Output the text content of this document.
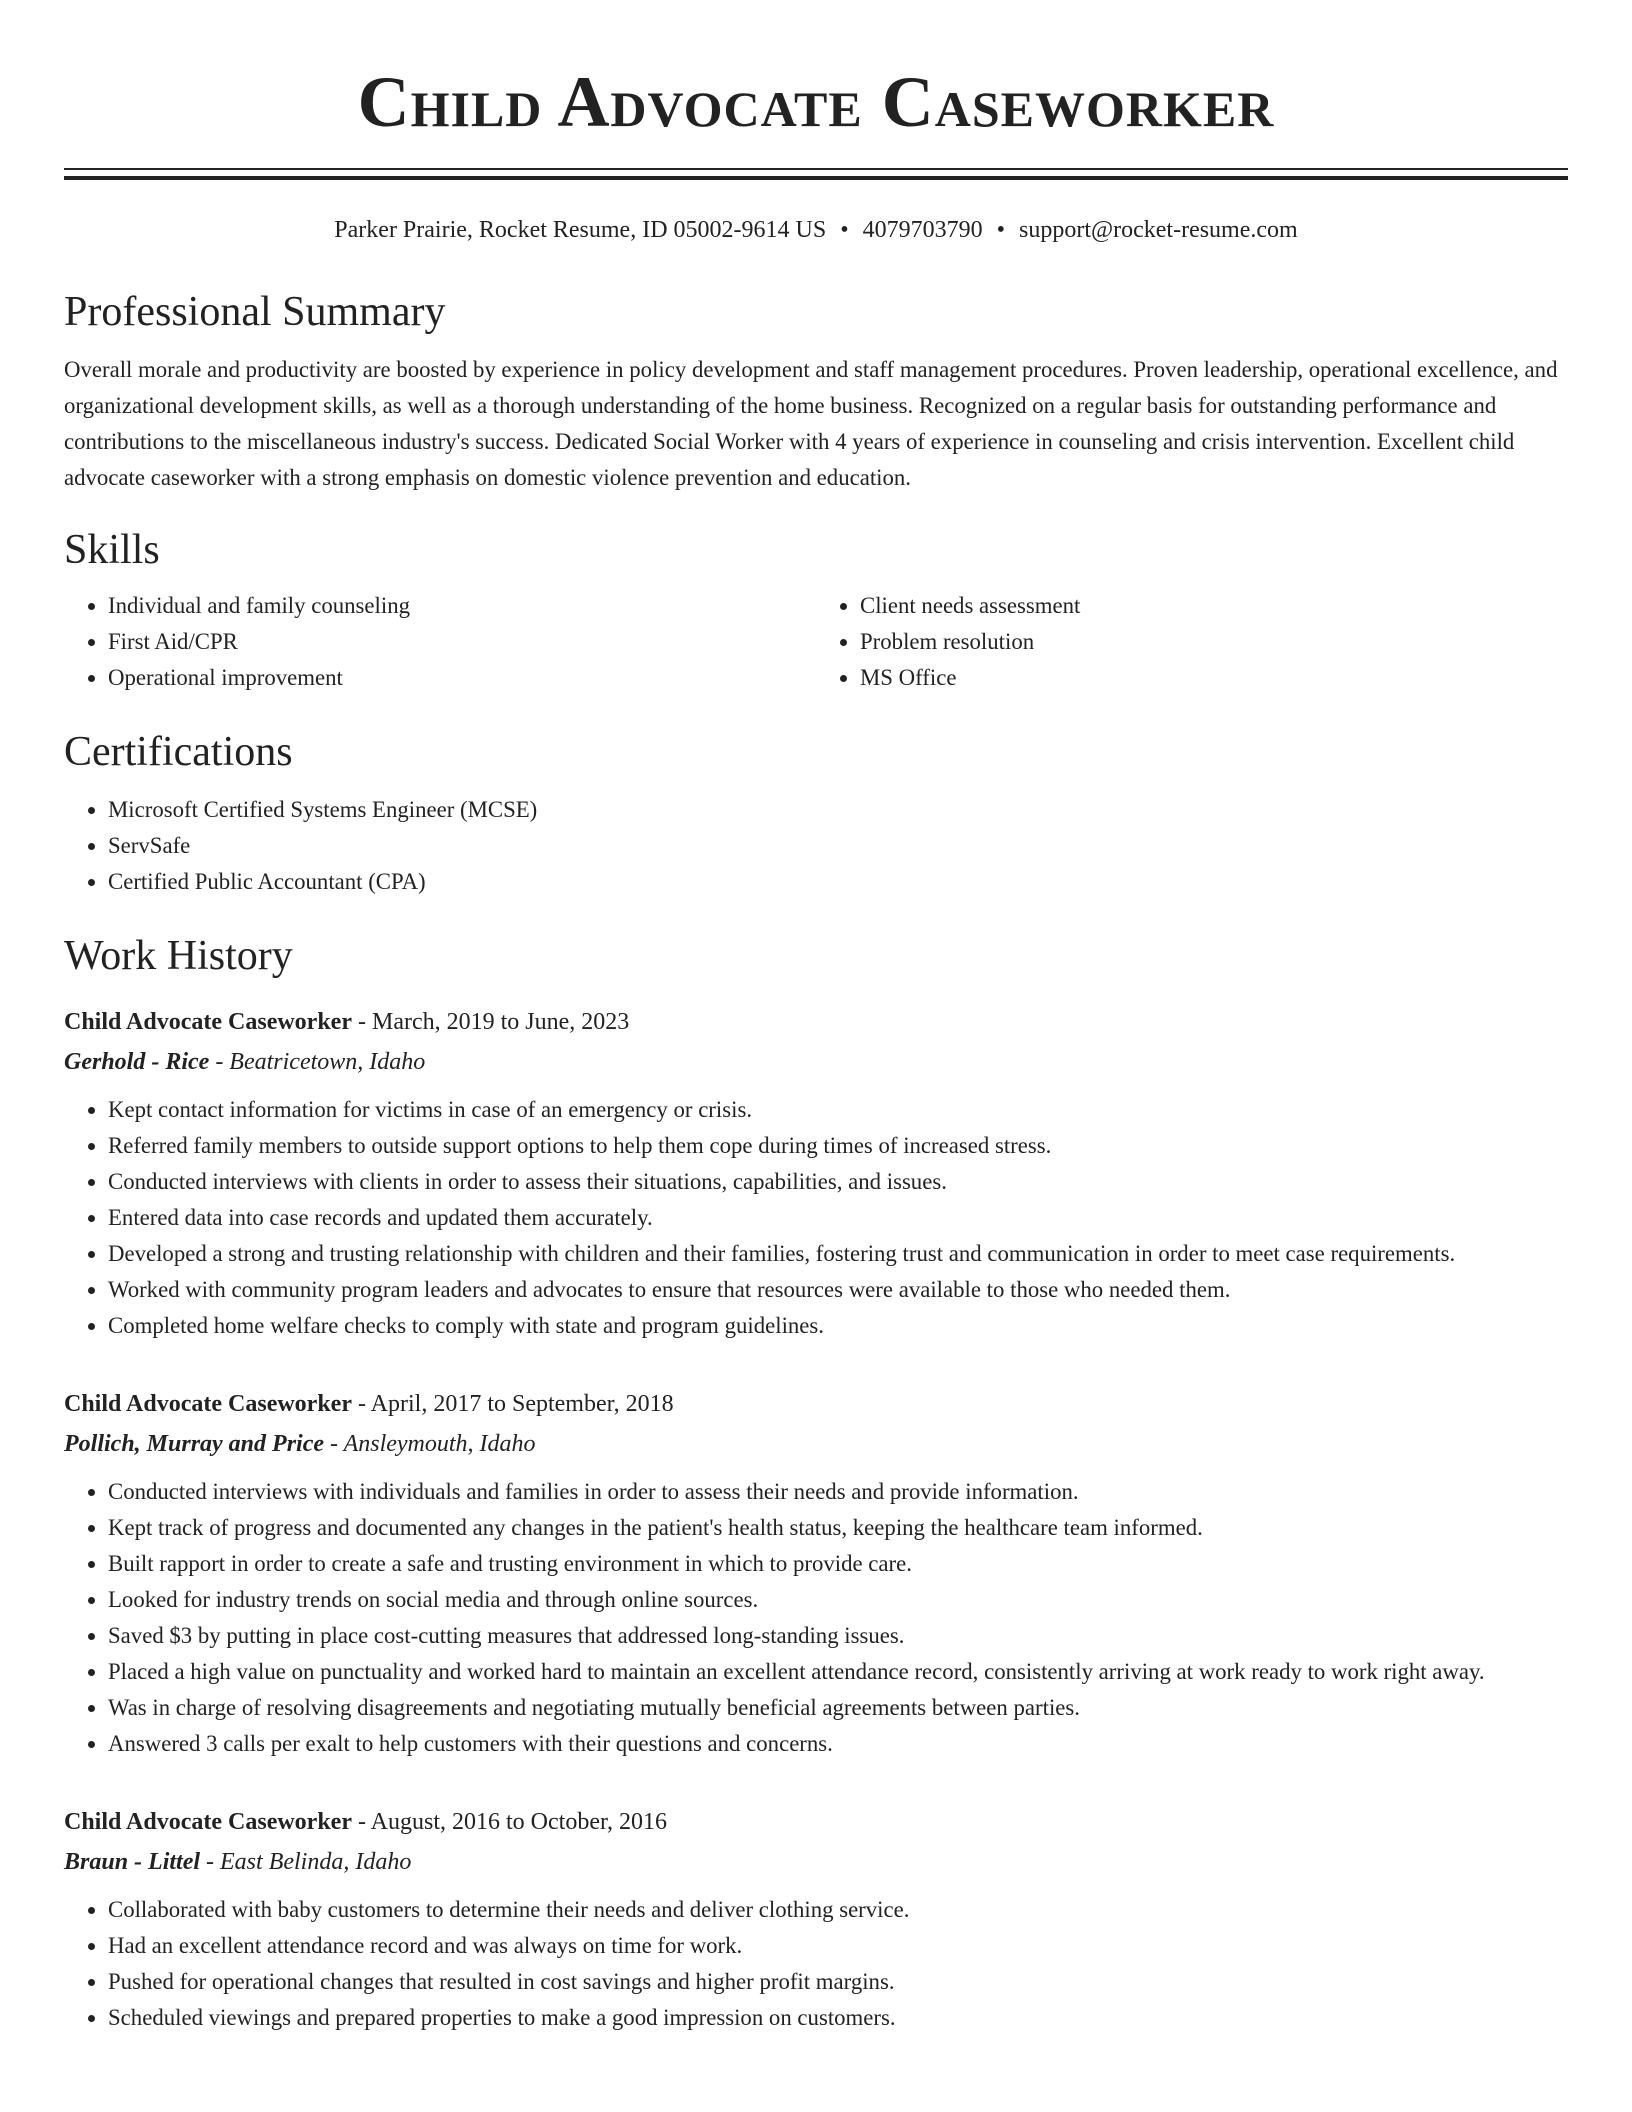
Child Advocate Caseworker
Parker Prairie, Rocket Resume, ID 05002-9614 US • 4079703790 • support@rocket-resume.com
Professional Summary

Overall morale and productivity are boosted by experience in policy development and staff management procedures. Proven leadership, operational excellence, and organizational development skills, as well as a thorough understanding of the home business. Recognized on a regular basis for outstanding performance and contributions to the miscellaneous industry's success. Dedicated Social Worker with 4 years of experience in counseling and crisis intervention. Excellent child advocate caseworker with a strong emphasis on domestic violence prevention and education.

Skills
• Individual and family counseling
• First Aid/CPR
• Operational improvement
• Client needs assessment
• Problem resolution
• MS Office
Certifications
• Microsoft Certified Systems Engineer (MCSE)
• ServSafe
• Certified Public Accountant (CPA)
Work History
Child Advocate Caseworker - March, 2019 to June, 2023
Gerhold - Rice - Beatricetown, Idaho
• Kept contact information for victims in case of an emergency or crisis.
• Referred family members to outside support options to help them cope during times of increased stress.
• Conducted interviews with clients in order to assess their situations, capabilities, and issues.
• Entered data into case records and updated them accurately.
• Developed a strong and trusting relationship with children and their families, fostering trust and communication in order to meet case requirements.
• Worked with community program leaders and advocates to ensure that resources were available to those who needed them.
• Completed home welfare checks to comply with state and program guidelines.
Child Advocate Caseworker - April, 2017 to September, 2018
Pollich, Murray and Price - Ansleymouth, Idaho
• Conducted interviews with individuals and families in order to assess their needs and provide information.
• Kept track of progress and documented any changes in the patient's health status, keeping the healthcare team informed.
• Built rapport in order to create a safe and trusting environment in which to provide care.
• Looked for industry trends on social media and through online sources.
• Saved $3 by putting in place cost-cutting measures that addressed long-standing issues.
• Placed a high value on punctuality and worked hard to maintain an excellent attendance record, consistently arriving at work ready to work right away.
• Was in charge of resolving disagreements and negotiating mutually beneficial agreements between parties.
• Answered 3 calls per exalt to help customers with their questions and concerns.
Child Advocate Caseworker - August, 2016 to October, 2016
Braun - Littel - East Belinda, Idaho
• Collaborated with baby customers to determine their needs and deliver clothing service.
• Had an excellent attendance record and was always on time for work.
• Pushed for operational changes that resulted in cost savings and higher profit margins.
• Scheduled viewings and prepared properties to make a good impression on customers.
